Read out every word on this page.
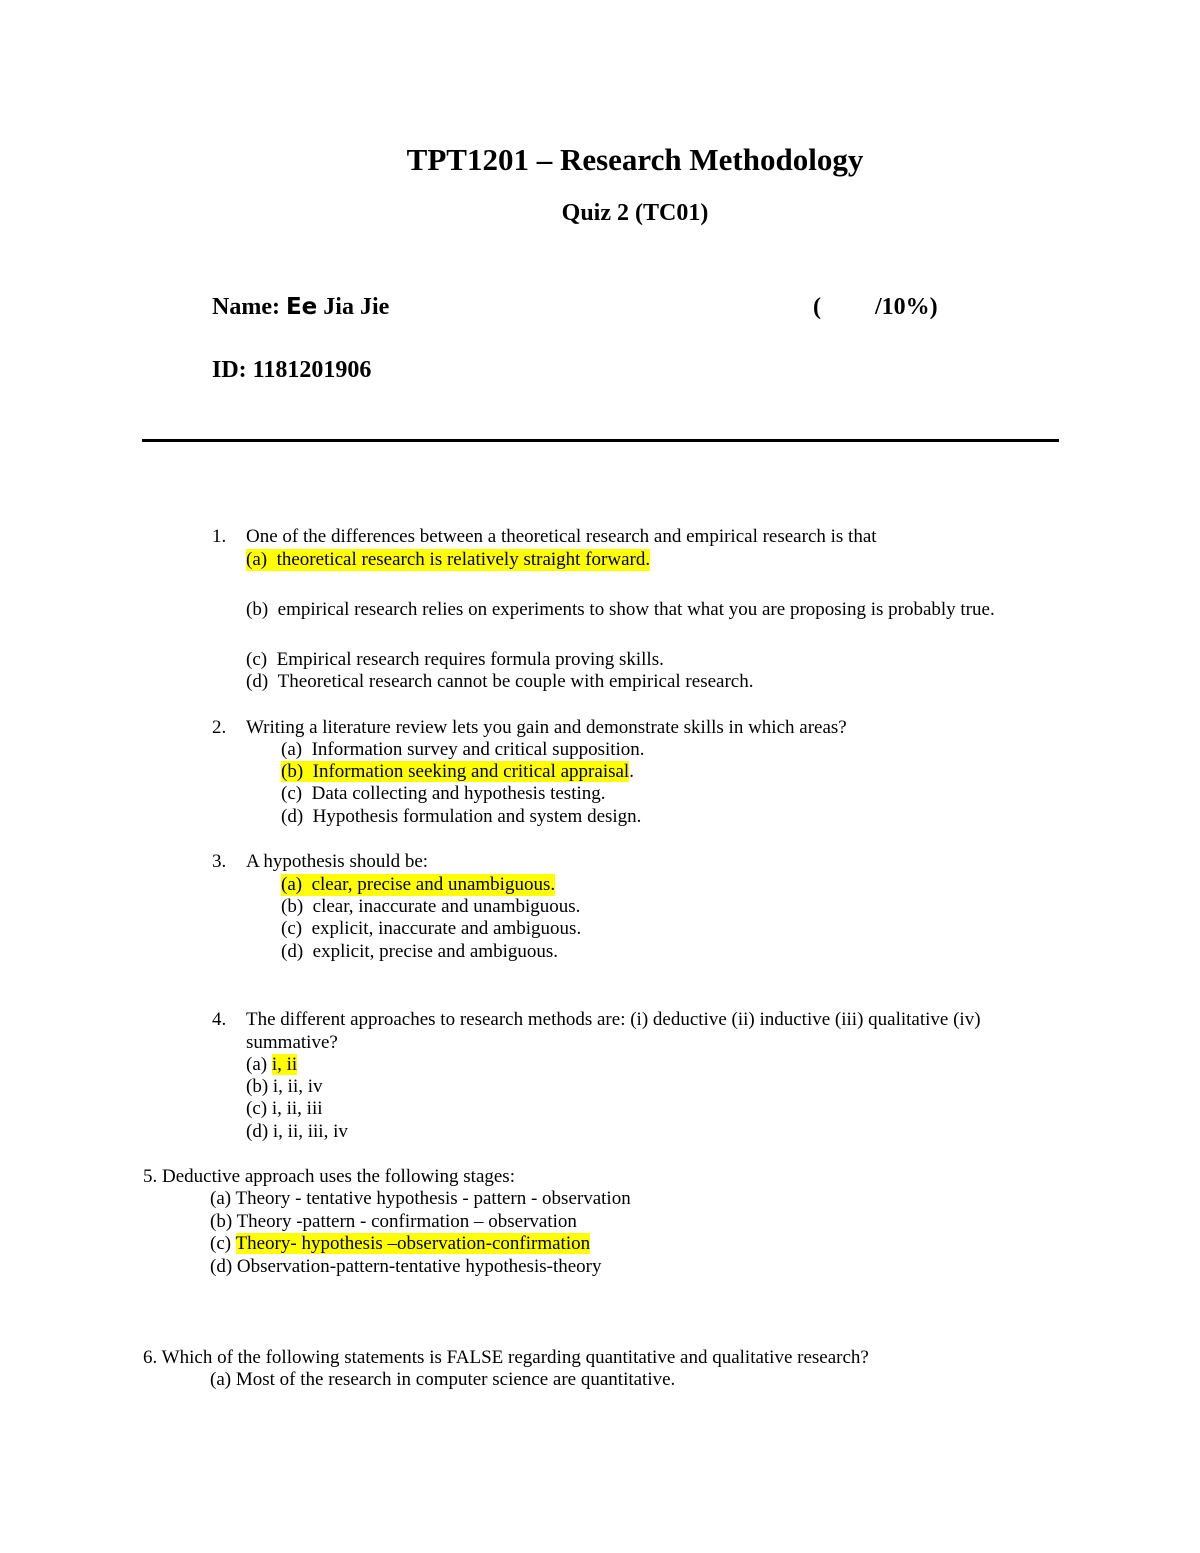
TPT1201 – Research Methodology
Quiz 2 (TC01)
Name: Ee Jia Jie	( /10%)
ID: 1181201906
1. One of the differences between a theoretical research and empirical research is that
(a) theoretical research is relatively straight forward.
(b) empirical research relies on experiments to show that what you are proposing is probably true.
(c) Empirical research requires formula proving skills.
(d) Theoretical research cannot be couple with empirical research.
2. Writing a literature review lets you gain and demonstrate skills in which areas?
(a) Information survey and critical supposition.
(b) Information seeking and critical appraisal.
(c) Data collecting and hypothesis testing.
(d) Hypothesis formulation and system design.
3. A hypothesis should be:
(a) clear, precise and unambiguous.
(b) clear, inaccurate and unambiguous.
(c) explicit, inaccurate and ambiguous.
(d) explicit, precise and ambiguous.
4. The different approaches to research methods are: (i) deductive (ii) inductive (iii) qualitative (iv)
summative?
(a) i, ii
(b) i, ii, iv
(c) i, ii, iii
(d) i, ii, iii, iv
5. Deductive approach uses the following stages:
(a) Theory - tentative hypothesis - pattern - observation
(b) Theory -pattern - confirmation – observation
(c) Theory- hypothesis –observation-confirmation
(d) Observation-pattern-tentative hypothesis-theory
6. Which of the following statements is FALSE regarding quantitative and qualitative research?
(a) Most of the research in computer science are quantitative.
